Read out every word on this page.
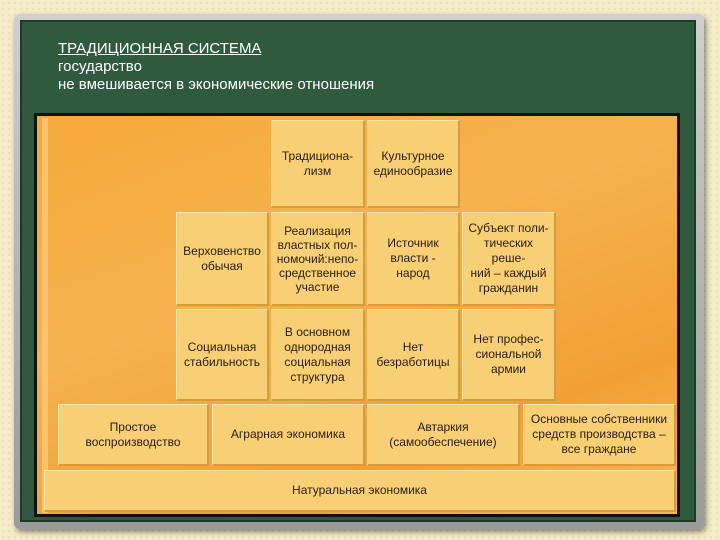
ТРАДИЦИОННАЯ СИСТЕМА
государство
не вмешивается в экономические отношения
Традициона-
лизм
Культурное
единообразие
Верховенство
обычая
Реализация
властных пол-
номочий:непо-
средственное
участие
Источник
власти - народ
Субъект поли-
тических реше-
ний – каждый
гражданин
Социальная
стабильность
В основном
однородная
социальная
структура
Нет
безработицы
Нет профес-
сиональной
армии
Простое
воспроизводство
Аграрная экономика
Автаркия
(самообеспечение)
Основные собственники
средств производства –
все граждане
Натуральная экономика
